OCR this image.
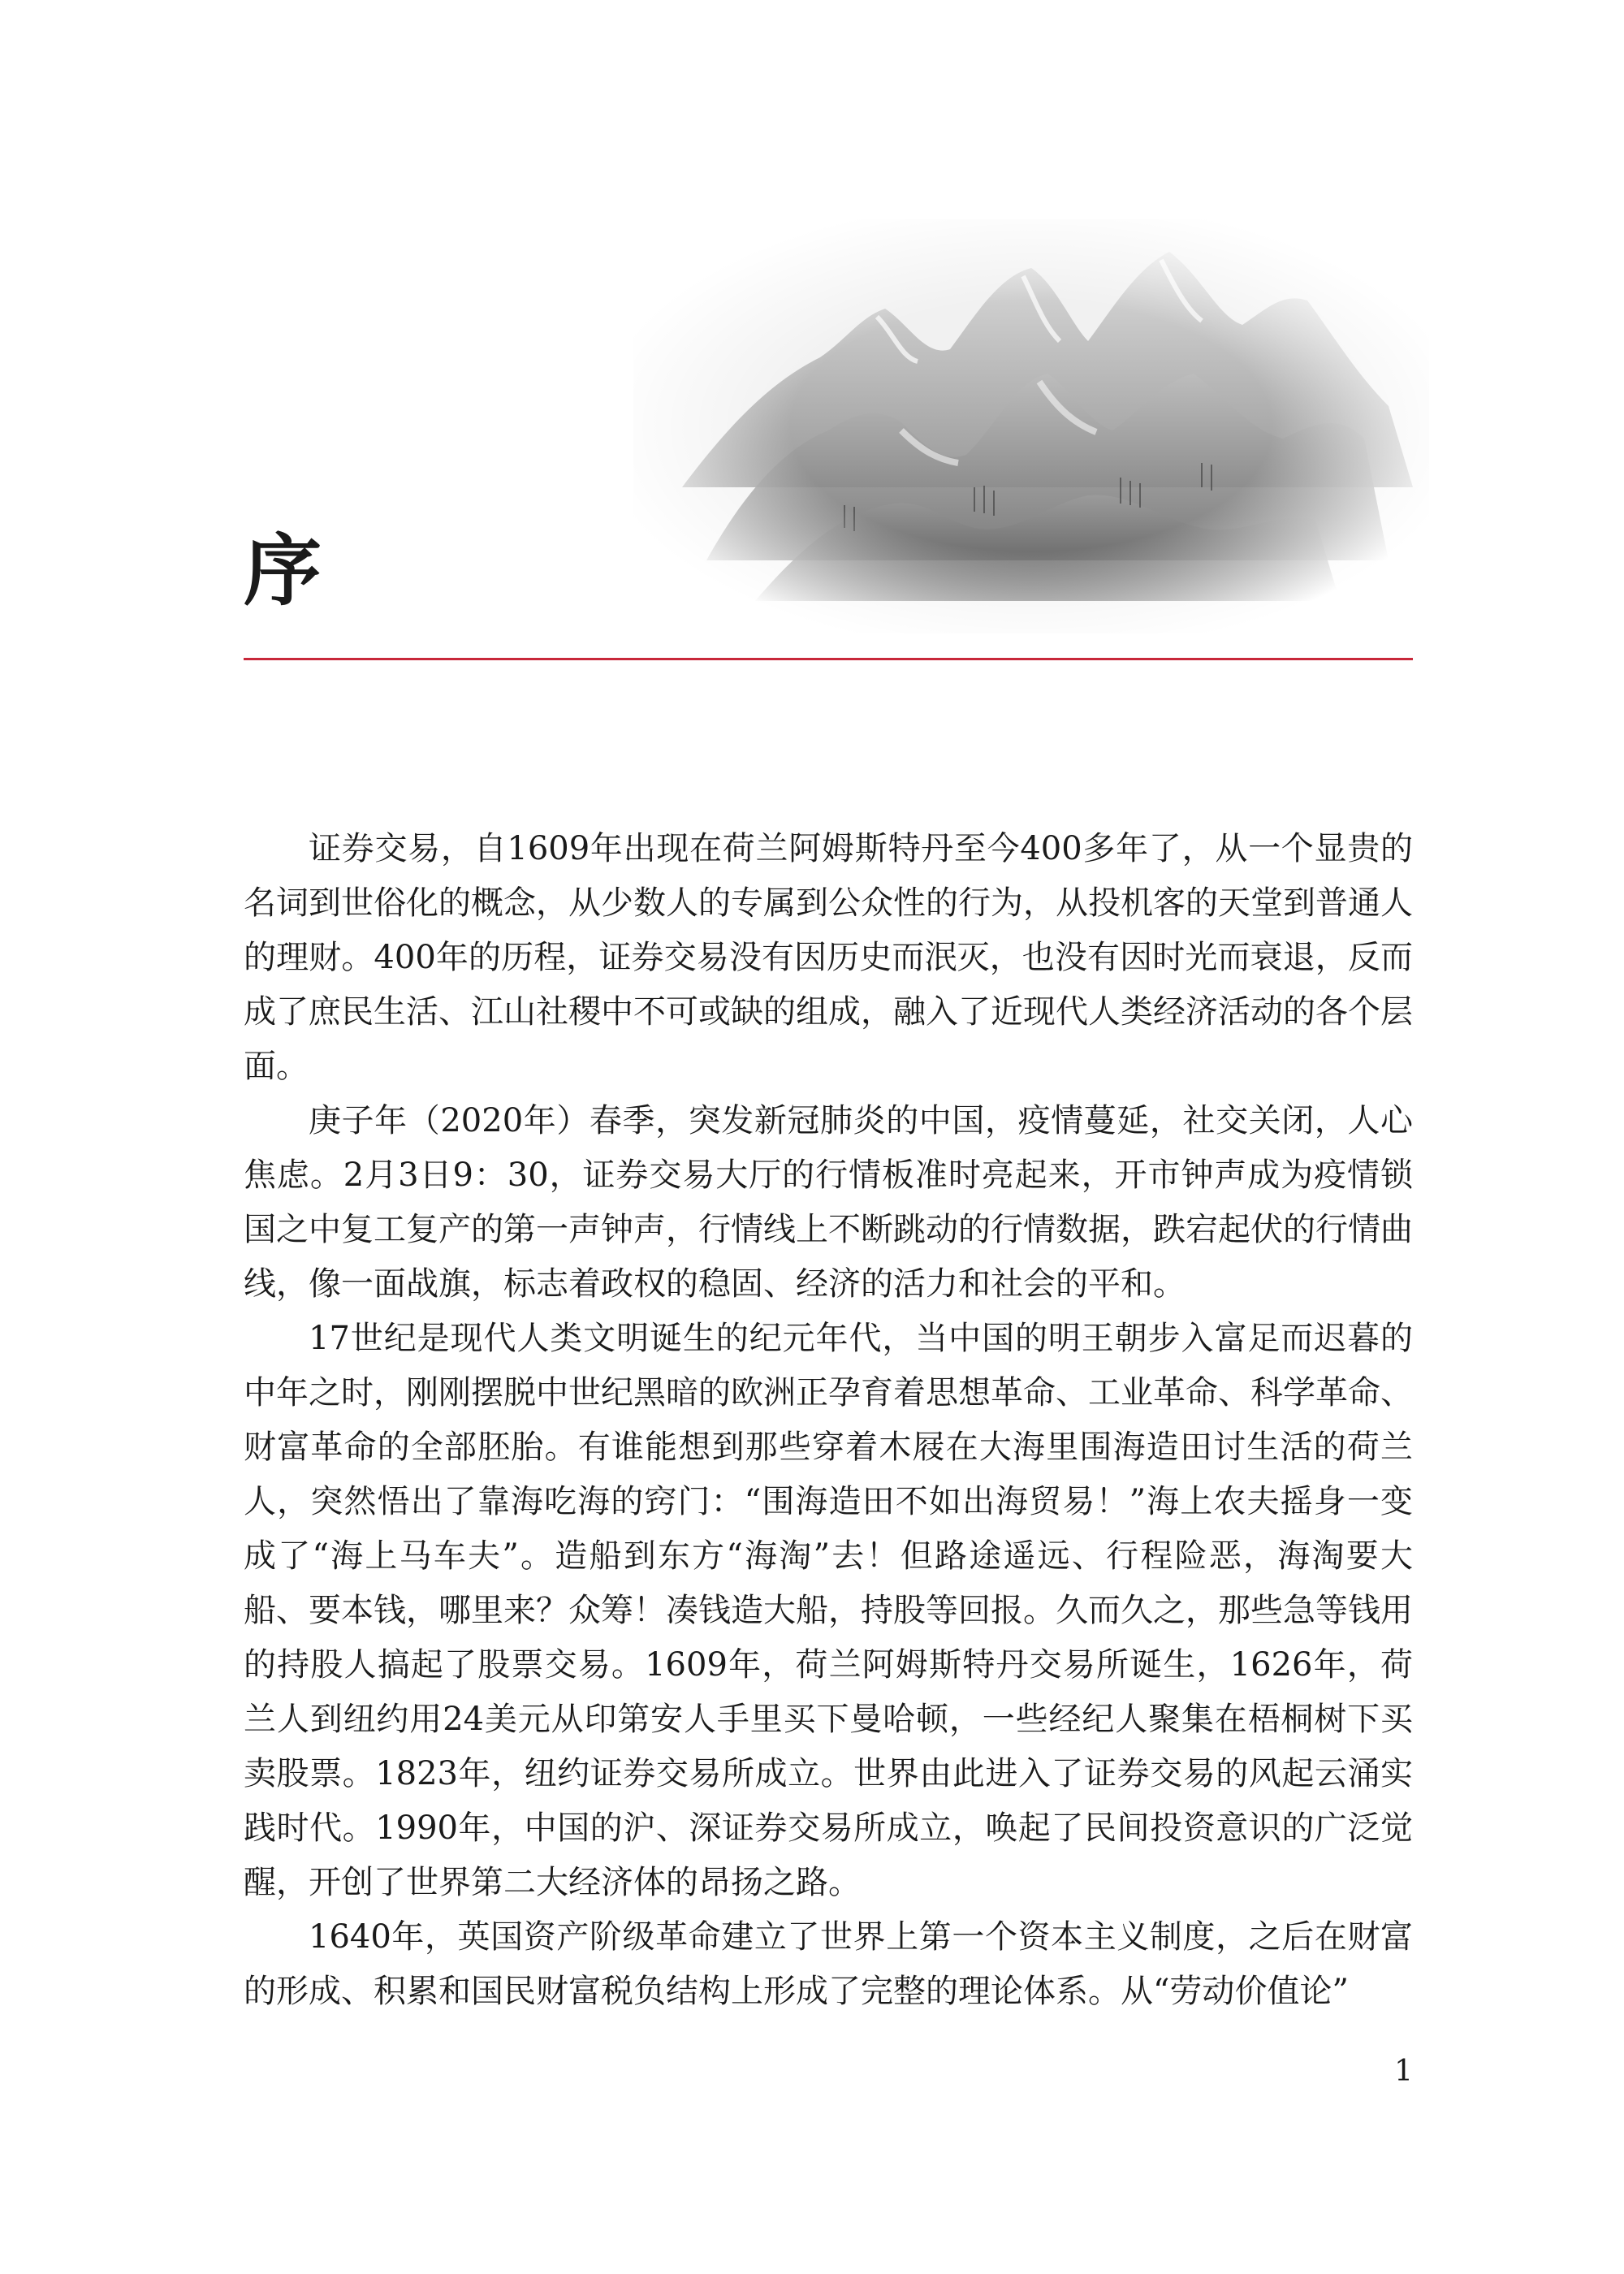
序

证券交易，自1609年出现在荷兰阿姆斯特丹至今400多年了，从一个显贵的名词到世俗化的概念，从少数人的专属到公众性的行为，从投机客的天堂到普通人的理财。400年的历程，证券交易没有因历史而泯灭，也没有因时光而衰退，反而成了庶民生活、江山社稷中不可或缺的组成，融入了近现代人类经济活动的各个层面。

庚子年（2020年）春季，突发新冠肺炎的中国，疫情蔓延，社交关闭，人心焦虑。2月3日9：30，证券交易大厅的行情板准时亮起来，开市钟声成为疫情锁国之中复工复产的第一声钟声，行情线上不断跳动的行情数据，跌宕起伏的行情曲线，像一面战旗，标志着政权的稳固、经济的活力和社会的平和。

17世纪是现代人类文明诞生的纪元年代，当中国的明王朝步入富足而迟暮的中年之时，刚刚摆脱中世纪黑暗的欧洲正孕育着思想革命、工业革命、科学革命、财富革命的全部胚胎。有谁能想到那些穿着木屐在大海里围海造田讨生活的荷兰人，突然悟出了靠海吃海的窍门：“围海造田不如出海贸易！”海上农夫摇身一变成了“海上马车夫”。造船到东方“海淘”去！但路途遥远、行程险恶，海淘要大船、要本钱，哪里来？众筹！凑钱造大船，持股等回报。久而久之，那些急等钱用的持股人搞起了股票交易。1609年，荷兰阿姆斯特丹交易所诞生，1626年，荷兰人到纽约用24美元从印第安人手里买下曼哈顿，一些经纪人聚集在梧桐树下买卖股票。1823年，纽约证券交易所成立。世界由此进入了证券交易的风起云涌实践时代。1990年，中国的沪、深证券交易所成立，唤起了民间投资意识的广泛觉醒，开创了世界第二大经济体的昂扬之路。

1640年，英国资产阶级革命建立了世界上第一个资本主义制度，之后在财富的形成、积累和国民财富税负结构上形成了完整的理论体系。从“劳动价值论”

1
